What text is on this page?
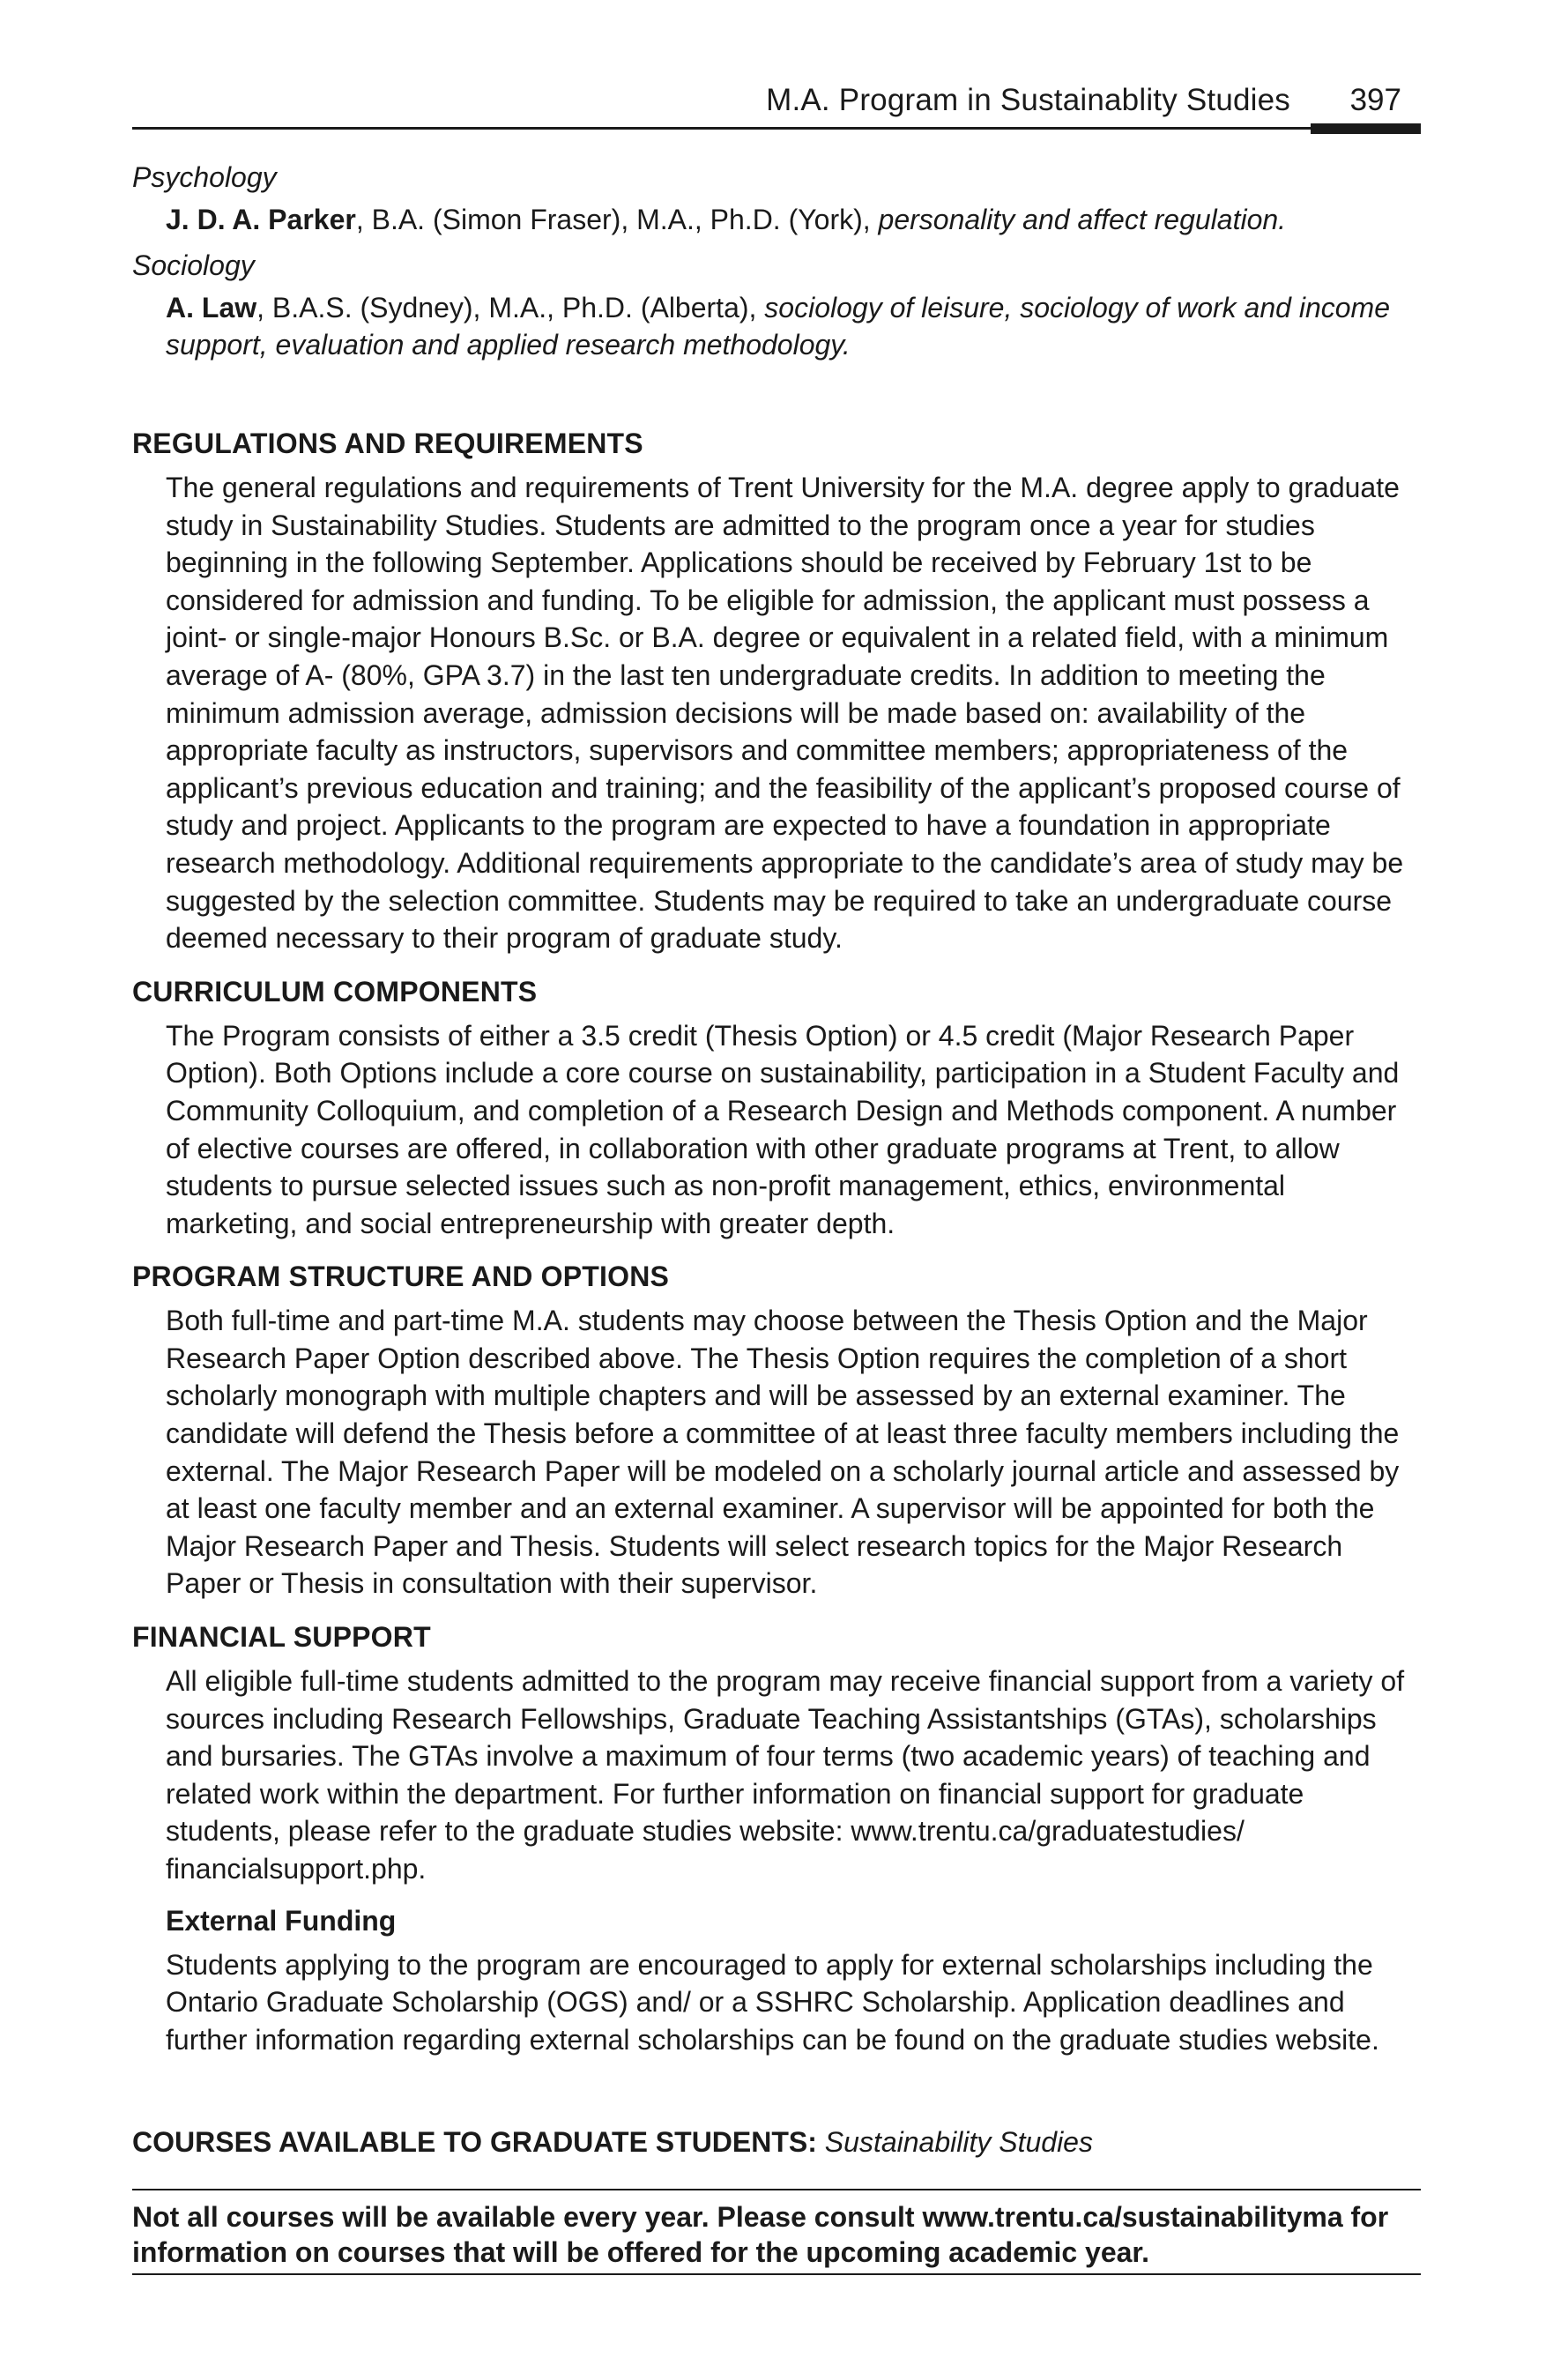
M.A. Program in Sustainablity Studies 397

Psychology

J. D. A. Parker, B.A. (Simon Fraser), M.A., Ph.D. (York), personality and affect regulation.

Sociology

A. Law, B.A.S. (Sydney), M.A., Ph.D. (Alberta), sociology of leisure, sociology of work and income support, evaluation and applied research methodology.

REGULATIONS AND REQUIREMENTS

The general regulations and requirements of Trent University for the M.A. degree apply to graduate study in Sustainability Studies. Students are admitted to the program once a year for studies beginning in the following September. Applications should be received by February 1st to be considered for admission and funding. To be eligible for admission, the applicant must possess a joint- or single-major Honours B.Sc. or B.A. degree or equivalent in a related field, with a minimum average of A- (80%, GPA 3.7) in the last ten undergraduate credits. In addition to meeting the minimum admission average, admission decisions will be made based on: availability of the appropriate faculty as instructors, supervisors and committee members; appropriateness of the applicant’s previous education and training; and the feasibility of the applicant’s proposed course of study and project. Applicants to the program are expected to have a foundation in appropriate research methodology. Additional requirements appropriate to the candidate’s area of study may be suggested by the selection committee. Students may be required to take an undergraduate course deemed necessary to their program of graduate study.

CURRICULUM COMPONENTS

The Program consists of either a 3.5 credit (Thesis Option) or 4.5 credit (Major Research Paper Option). Both Options include a core course on sustainability, participation in a Student Faculty and Community Colloquium, and completion of a Research Design and Methods component. A number of elective courses are offered, in collaboration with other graduate programs at Trent, to allow students to pursue selected issues such as non-profit management, ethics, environmental marketing, and social entrepreneurship with greater depth.

PROGRAM STRUCTURE AND OPTIONS

Both full-time and part-time M.A. students may choose between the Thesis Option and the Major Research Paper Option described above. The Thesis Option requires the completion of a short scholarly monograph with multiple chapters and will be assessed by an external examiner. The candidate will defend the Thesis before a committee of at least three faculty members including the external. The Major Research Paper will be modeled on a scholarly journal article and assessed by at least one faculty member and an external examiner. A supervisor will be appointed for both the Major Research Paper and Thesis. Students will select research topics for the Major Research Paper or Thesis in consultation with their supervisor.

FINANCIAL SUPPORT

All eligible full-time students admitted to the program may receive financial support from a variety of sources including Research Fellowships, Graduate Teaching Assistantships (GTAs), scholarships and bursaries. The GTAs involve a maximum of four terms (two academic years) of teaching and related work within the department. For further information on financial support for graduate students, please refer to the graduate studies website: www.trentu.ca/graduatestudies/ financialsupport.php.

External Funding

Students applying to the program are encouraged to apply for external scholarships including the Ontario Graduate Scholarship (OGS) and/ or a SSHRC Scholarship. Application deadlines and further information regarding external scholarships can be found on the graduate studies website.

COURSES AVAILABLE TO GRADUATE STUDENTS: Sustainability Studies

Not all courses will be available every year. Please consult www.trentu.ca/sustainabilityma for information on courses that will be offered for the upcoming academic year.
